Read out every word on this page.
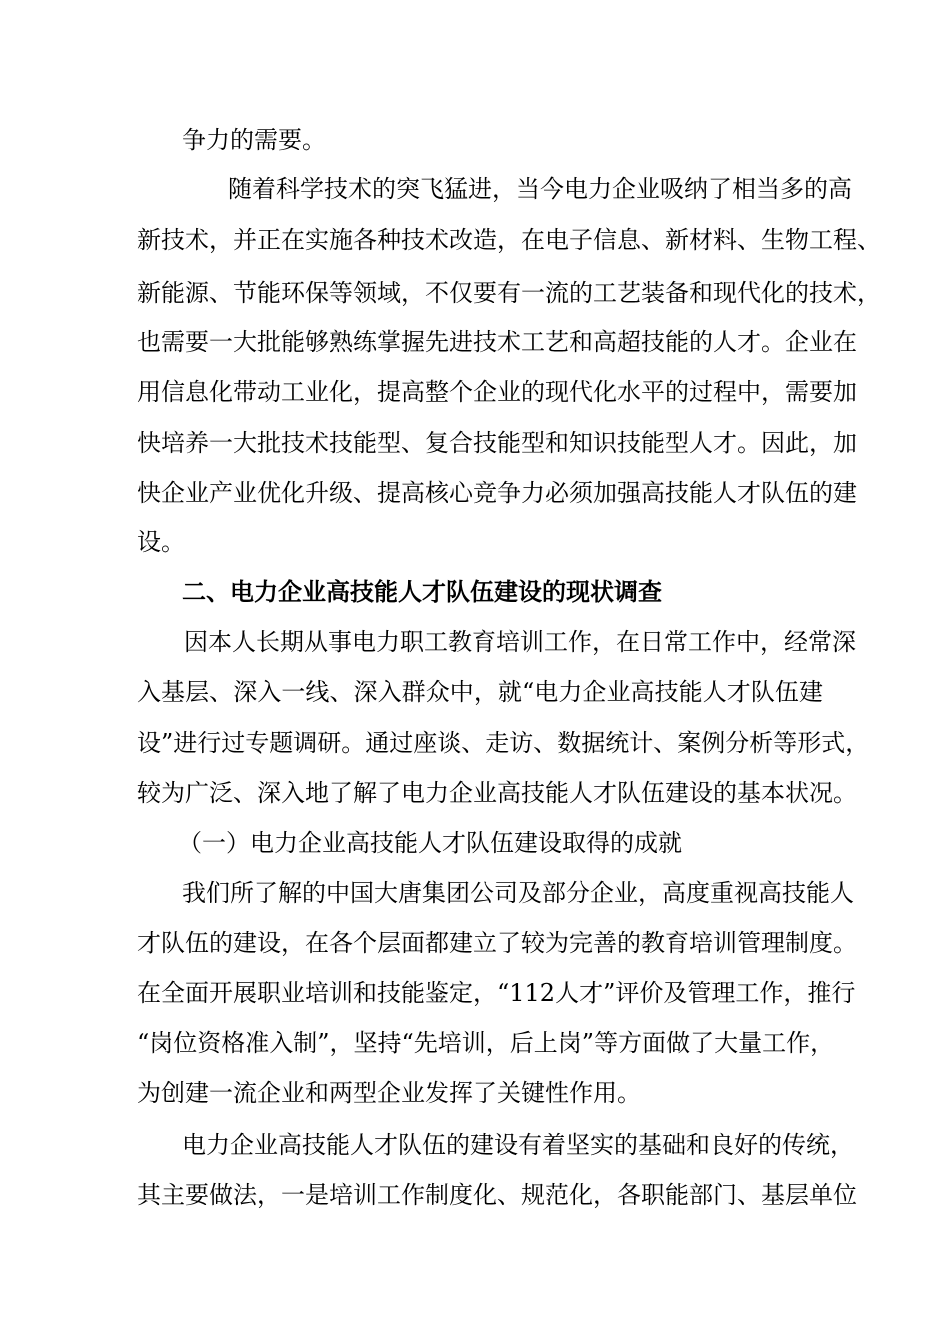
争力的需要。
随着科学技术的突飞猛进，当今电力企业吸纳了相当多的高
新技术，并正在实施各种技术改造，在电子信息、新材料、生物工程、
新能源、节能环保等领域，不仅要有一流的工艺装备和现代化的技术，
也需要一大批能够熟练掌握先进技术工艺和高超技能的人才。企业在
用信息化带动工业化，提高整个企业的现代化水平的过程中，需要加
快培养一大批技术技能型、复合技能型和知识技能型人才。因此，加
快企业产业优化升级、提高核心竞争力必须加强高技能人才队伍的建
设。
二、电力企业高技能人才队伍建设的现状调查
因本人长期从事电力职工教育培训工作，在日常工作中，经常深
入基层、深入一线、深入群众中，就“电力企业高技能人才队伍建
设”进行过专题调研。通过座谈、走访、数据统计、案例分析等形式，
较为广泛、深入地了解了电力企业高技能人才队伍建设的基本状况。
（一）电力企业高技能人才队伍建设取得的成就
我们所了解的中国大唐集团公司及部分企业，高度重视高技能人
才队伍的建设，在各个层面都建立了较为完善的教育培训管理制度。
在全面开展职业培训和技能鉴定，“112人才”评价及管理工作，推行
“岗位资格准入制”，坚持“先培训，后上岗”等方面做了大量工作，
为创建一流企业和两型企业发挥了关键性作用。
电力企业高技能人才队伍的建设有着坚实的基础和良好的传统，
其主要做法，一是培训工作制度化、规范化，各职能部门、基层单位
